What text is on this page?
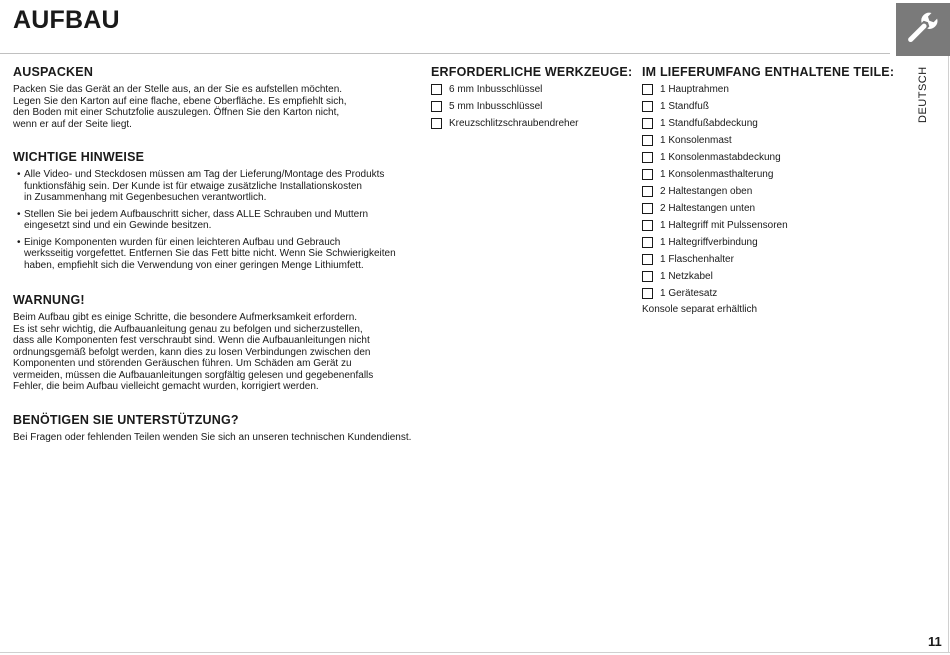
AUFBAU
DEUTSCH
AUSPACKEN

Packen Sie das Gerät an der Stelle aus, an der Sie es aufstellen möchten.
Legen Sie den Karton auf eine flache, ebene Oberfläche. Es empfiehlt sich,
den Boden mit einer Schutzfolie auszulegen. Öffnen Sie den Karton nicht,
wenn er auf der Seite liegt.

WICHTIGE HINWEISE
• Alle Video- und Steckdosen müssen am Tag der Lieferung/Montage des Produkts
funktionsfähig sein. Der Kunde ist für etwaige zusätzliche Installationskosten
in Zusammenhang mit Gegenbesuchen verantwortlich.
• Stellen Sie bei jedem Aufbauschritt sicher, dass ALLE Schrauben und Muttern
eingesetzt sind und ein Gewinde besitzen.
• Einige Komponenten wurden für einen leichteren Aufbau und Gebrauch
werksseitig vorgefettet. Entfernen Sie das Fett bitte nicht. Wenn Sie Schwierigkeiten
haben, empfiehlt sich die Verwendung von einer geringen Menge Lithiumfett.
WARNUNG!

Beim Aufbau gibt es einige Schritte, die besondere Aufmerksamkeit erfordern.
Es ist sehr wichtig, die Aufbauanleitung genau zu befolgen und sicherzustellen,
dass alle Komponenten fest verschraubt sind. Wenn die Aufbauanleitungen nicht
ordnungsgemäß befolgt werden, kann dies zu losen Verbindungen zwischen den
Komponenten und störenden Geräuschen führen. Um Schäden am Gerät zu
vermeiden, müssen die Aufbauanleitungen sorgfältig gelesen und gegebenenfalls
Fehler, die beim Aufbau vielleicht gemacht wurden, korrigiert werden.

BENÖTIGEN SIE UNTERSTÜTZUNG?

Bei Fragen oder fehlenden Teilen wenden Sie sich an unseren technischen Kundendienst.

ERFORDERLICHE WERKZEUGE:
6 mm Inbusschlüssel
5 mm Inbusschlüssel
Kreuzschlitzschraubendreher
IM LIEFERUMFANG ENTHALTENE TEILE:
1 Hauptrahmen
1 Standfuß
1 Standfußabdeckung
1 Konsolenmast
1 Konsolenmastabdeckung
1 Konsolenmasthalterung
2 Haltestangen oben
2 Haltestangen unten
1 Haltegriff mit Pulssensoren
1 Haltegriffverbindung
1 Flaschenhalter
1 Netzkabel
1 Gerätesatz

Konsole separat erhältlich

11
